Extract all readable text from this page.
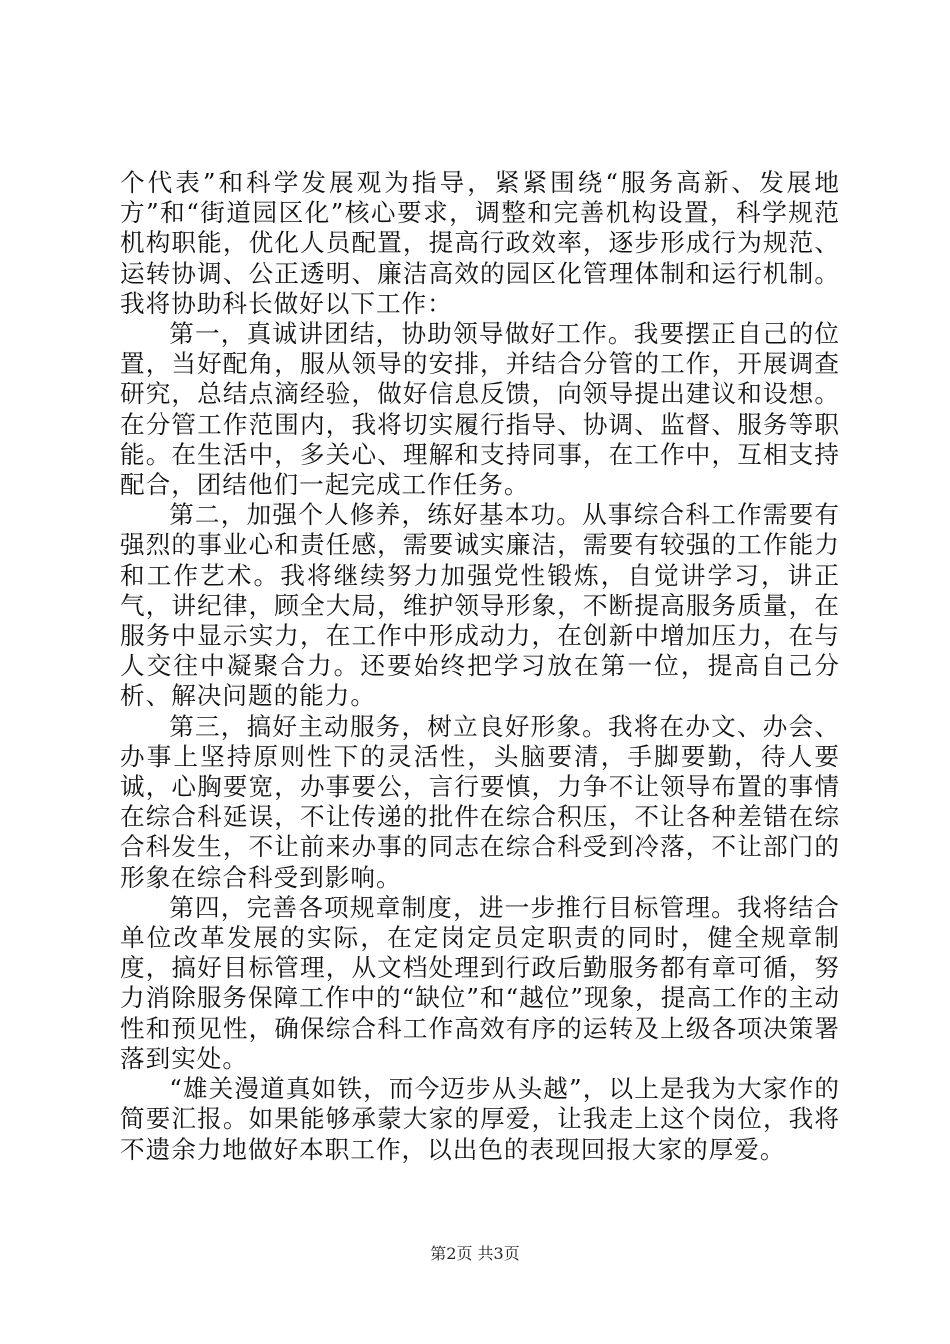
个代表”和科学发展观为指导，紧紧围绕“服务高新、发展地方”和“街道园区化”核心要求，调整和完善机构设置，科学规范机构职能，优化人员配置，提高行政效率，逐步形成行为规范、运转协调、公正透明、廉洁高效的园区化管理体制和运行机制。我将协助科长做好以下工作：

第一，真诚讲团结，协助领导做好工作。我要摆正自己的位置，当好配角，服从领导的安排，并结合分管的工作，开展调查研究，总结点滴经验，做好信息反馈，向领导提出建议和设想。在分管工作范围内，我将切实履行指导、协调、监督、服务等职能。在生活中，多关心、理解和支持同事，在工作中，互相支持配合，团结他们一起完成工作任务。

第二，加强个人修养，练好基本功。从事综合科工作需要有强烈的事业心和责任感，需要诚实廉洁，需要有较强的工作能力和工作艺术。我将继续努力加强党性锻炼，自觉讲学习，讲正气，讲纪律，顾全大局，维护领导形象，不断提高服务质量，在服务中显示实力，在工作中形成动力，在创新中增加压力，在与人交往中凝聚合力。还要始终把学习放在第一位，提高自己分析、解决问题的能力。

第三，搞好主动服务，树立良好形象。我将在办文、办会、办事上坚持原则性下的灵活性，头脑要清，手脚要勤，待人要诚，心胸要宽，办事要公，言行要慎，力争不让领导布置的事情在综合科延误，不让传递的批件在综合积压，不让各种差错在综合科发生，不让前来办事的同志在综合科受到冷落，不让部门的形象在综合科受到影响。

第四，完善各项规章制度，进一步推行目标管理。我将结合单位改革发展的实际，在定岗定员定职责的同时，健全规章制度，搞好目标管理，从文档处理到行政后勤服务都有章可循，努力消除服务保障工作中的“缺位”和“越位”现象，提高工作的主动性和预见性，确保综合科工作高效有序的运转及上级各项决策署落到实处。

“雄关漫道真如铁，而今迈步从头越”，以上是我为大家作的简要汇报。如果能够承蒙大家的厚爱，让我走上这个岗位，我将不遗余力地做好本职工作，以出色的表现回报大家的厚爱。

第2页 共3页
